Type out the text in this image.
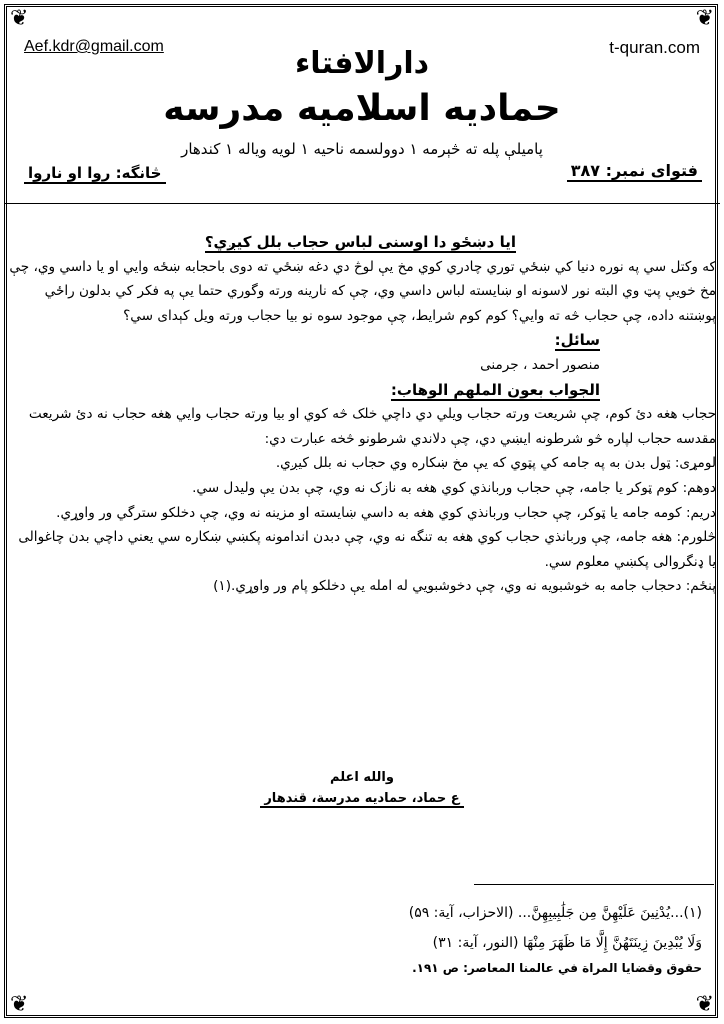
❦	❦
❦	❦
Aef.kdr@gmail.com	t-quran.com
دارالافتاء
حمادیه اسلامیه مدرسه
پامیلې پله ته څېرمه ۱ دوولسمه ناحیه ۱ لویه ویاله ۱ کندهار
فتوای نمبر: ۳۸۷
څانگه: روا او ناروا

ایا دښځو دا اوسنی لباس حجاب بلل کیږي؟

که وکتل سي په نوره دنیا کي ښځي توري چادري کوي مخ يې لوڅ دي دغه ښځي ته دوی باحجابه ښځه وايي او يا داسي وي، چې مخ خويې پټ وي البته نور لاسونه او ښايسته لباس داسي وي، چې که نارينه ورته وگوري حتما يې په فکر کي بدلون راځي پوښتنه داده، چې حجاب څه ته وايي؟ کوم کوم شرايط، چې موجود سوه نو بيا حجاب ورته ويل کېدای سي؟

سائل:

منصور احمد ، جرمنی

الجواب بعون الملهم الوهاب:

حجاب هغه دئ کوم، چې شريعت ورته حجاب ويلي دي داچي خلک څه کوي او بيا ورته حجاب وايي هغه حجاب نه دئ شريعت مقدسه حجاب لپاره څو شرطونه ايښي دي، چې دلاندي شرطونو څخه عبارت دي:

لومړی: ټول بدن به په جامه کي پټوي که يې مخ ښکاره وي حجاب نه بلل کيږي.

دوهم: کوم ټوکر يا جامه، چې حجاب وربانذي کوي هغه به نازک نه وي، چې بدن يې وليدل سي.

دريم: کومه جامه يا ټوکر، چې حجاب وربانذي کوي هغه به داسي ښايسته او مزينه نه وي، چې دخلکو سترگي ور واوړي.

څلورم: هغه جامه، چې وربانذي حجاب کوي هغه به تنگه نه وي، چې دبدن اندامونه پکښي ښکاره سي يعني داچي بدن چاغوالی يا ډنگروالی پکښي معلوم سي.

پنځم: دحجاب جامه به خوشبويه نه وي، چې دخوشبويي له امله يې دخلکو پام ور واوړي.(۱)

والله اعلم
ع حماد، حمادیه مدرسة، قندهار
(۱)...يُدْنِينَ عَلَيْهِنَّ مِن جَلَٰبِيبِهِنَّ... (الاحزاب، آية: ۵۹)
وَلَا يُبْدِينَ زِينَتَهُنَّ إِلَّا مَا ظَهَرَ مِنْهَا (النور، آية: ۳۱)
حقوق وقضايا المراة في عالمنا المعاصر: ص ۱۹۱.
